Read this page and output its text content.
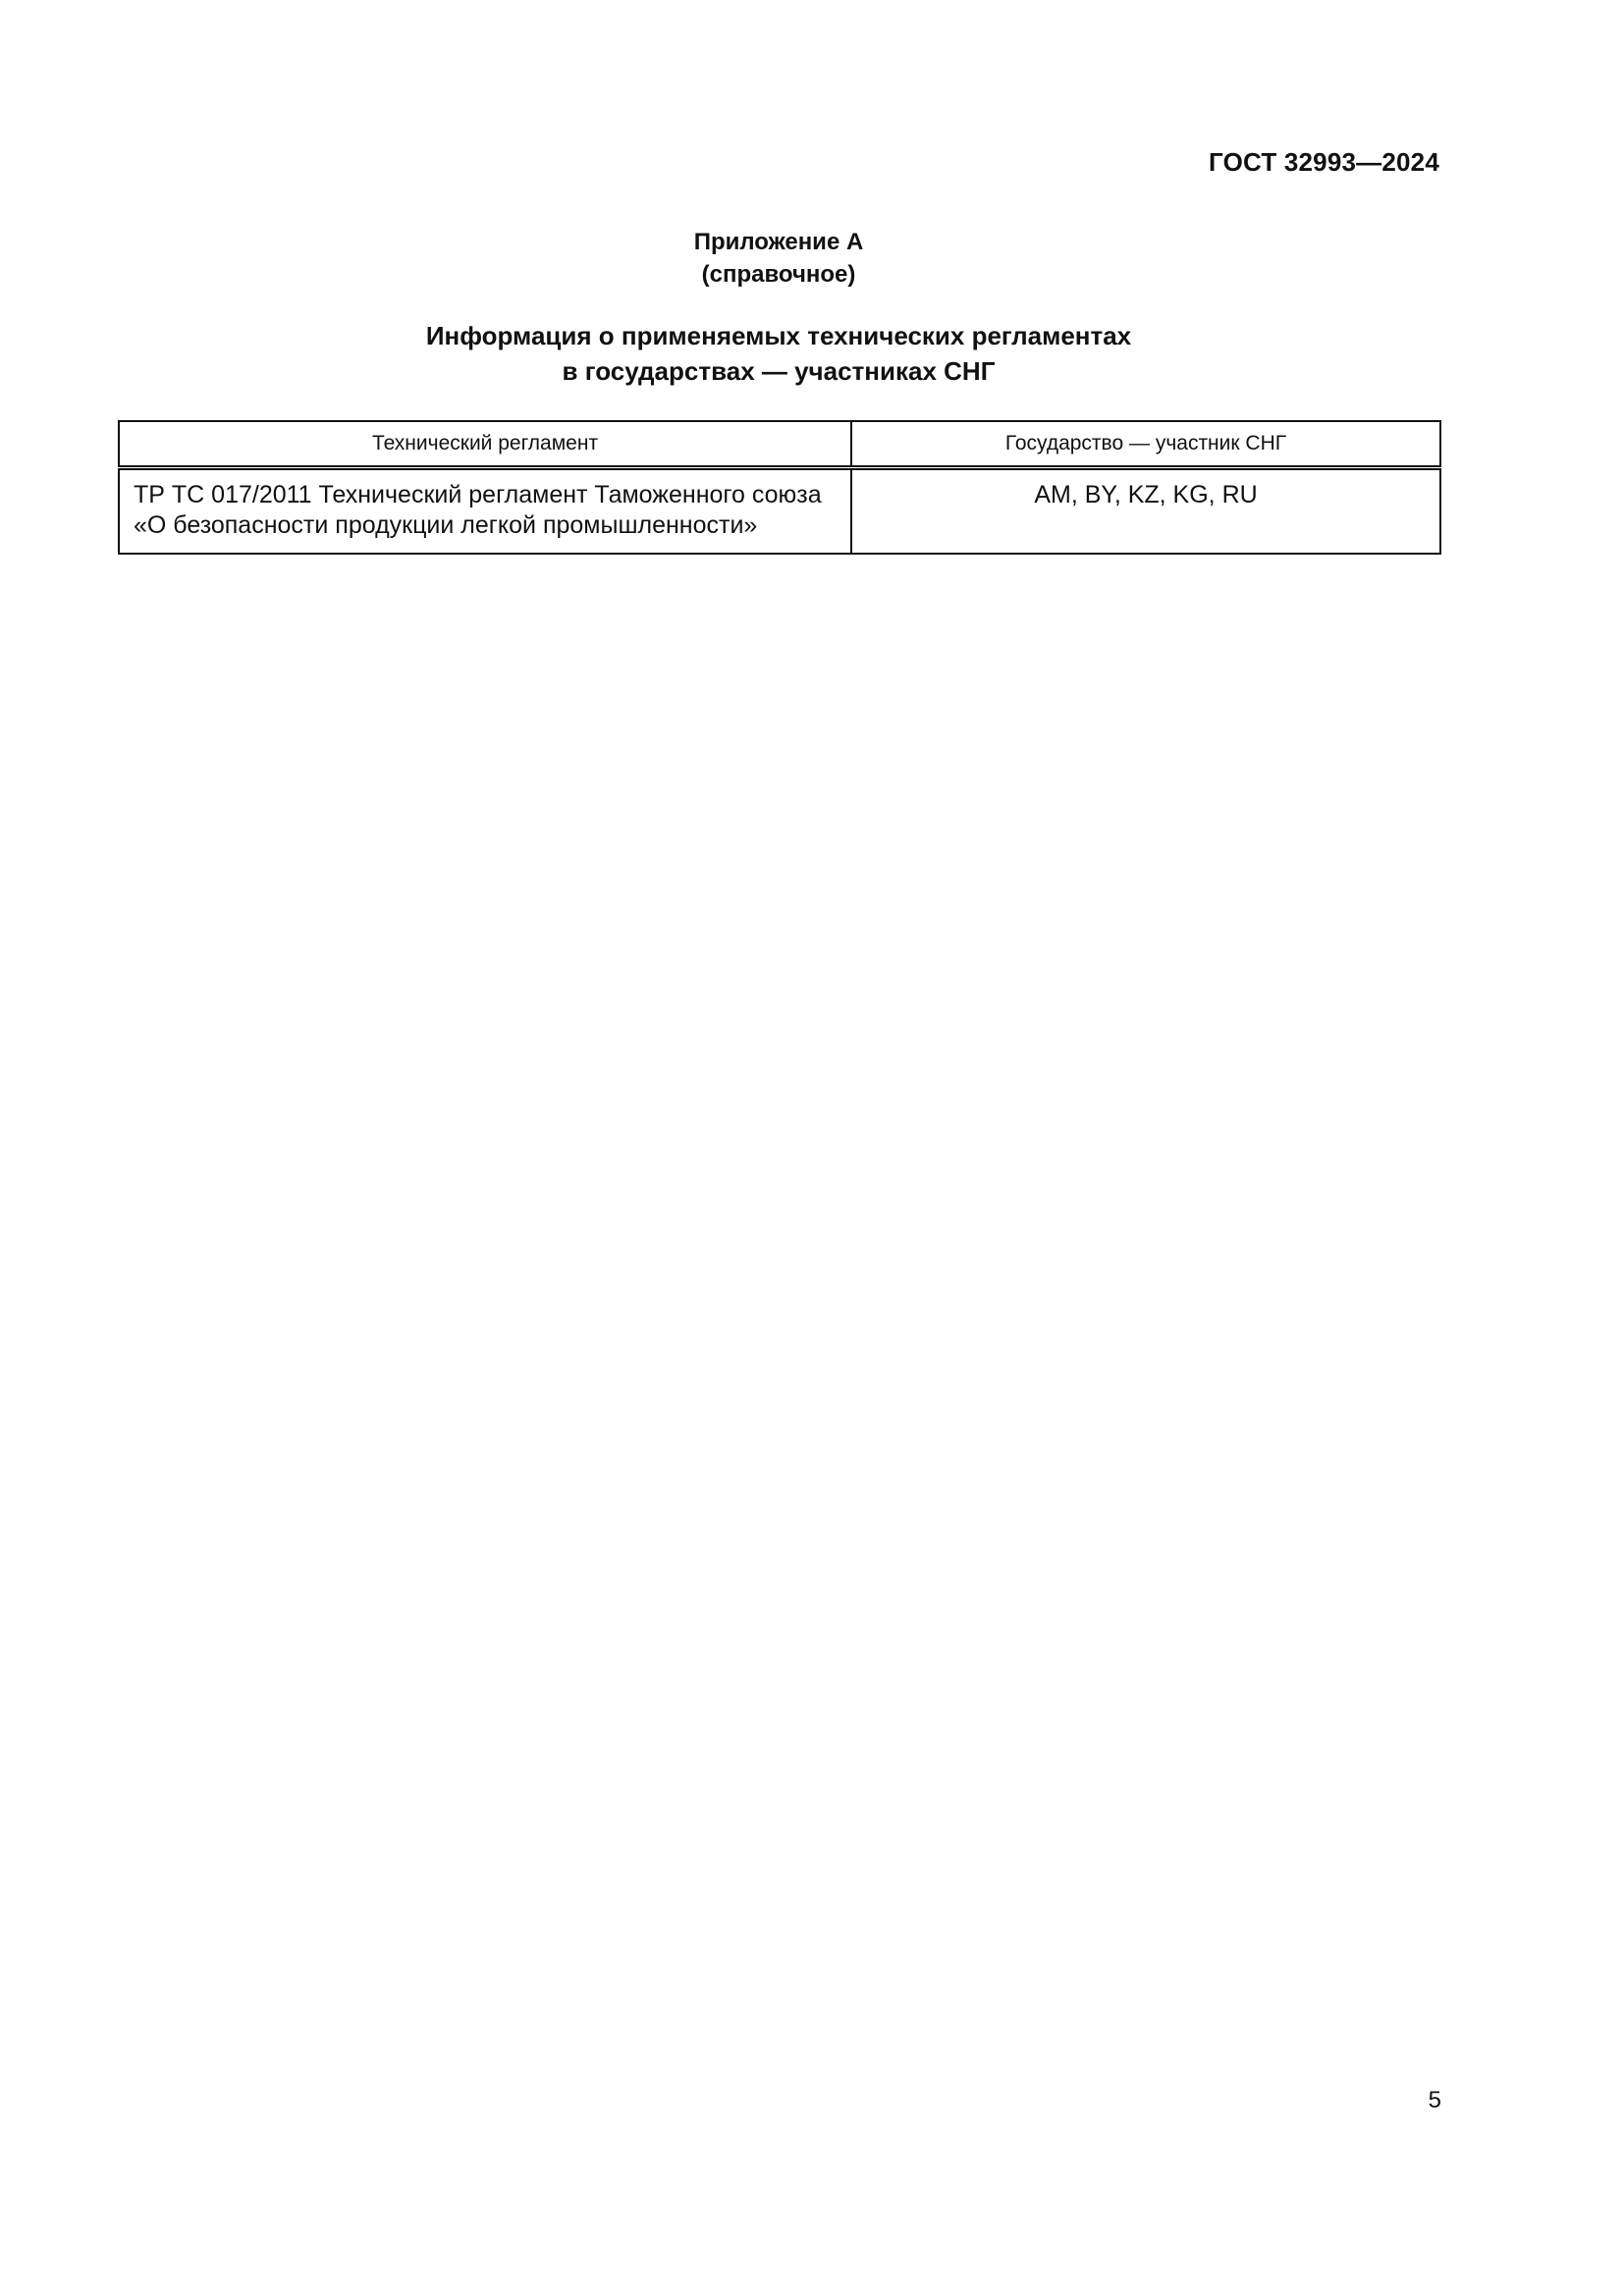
ГОСТ 32993—2024
Приложение А
(справочное)
Информация о применяемых технических регламентах
в государствах — участниках СНГ
Технический регламент	Государство — участник СНГ
ТР ТС 017/2011 Технический регламент Таможенного союза
«О безопасности продукции легкой промышленности»	AM, BY, KZ, KG, RU
5
